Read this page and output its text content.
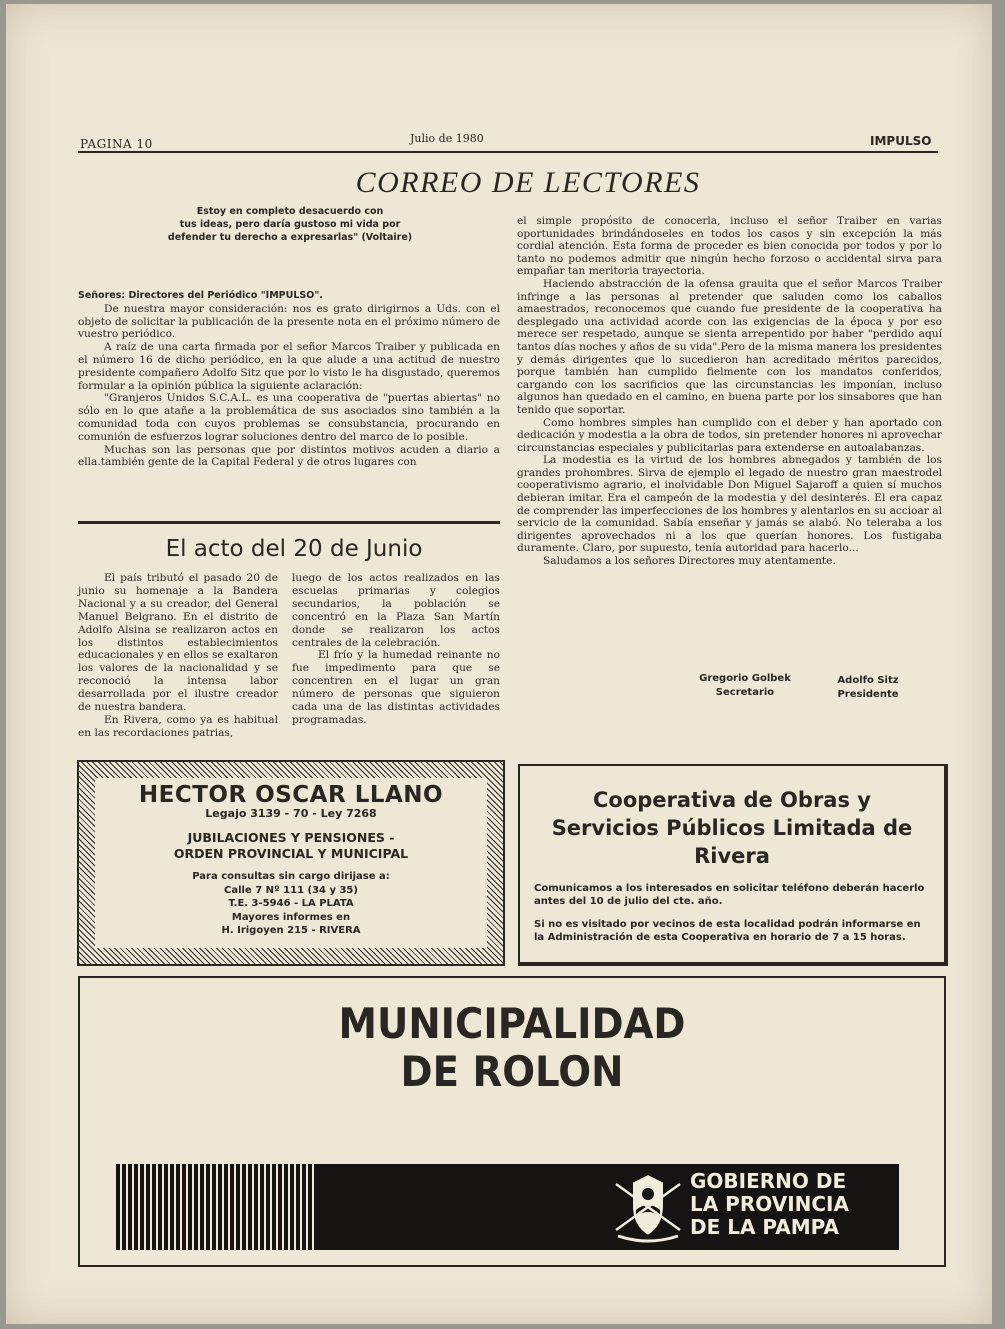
PAGINA 10	Julio de 1980	IMPULSO
CORREO DE LECTORES
Estoy en completo desacuerdo con
tus ideas, pero daría gustoso mi vida por
defender tu derecho a expresarlas" (Voltaire)

Señores: Directores del Periódico "IMPULSO".

De nuestra mayor consideración: nos es grato dirigirnos a Uds. con el objeto de solicitar la publicación de la presente nota en el próximo número de vuestro periódico.

A raíz de una carta firmada por el señor Marcos Traiber y publicada en el número 16 de dicho periódico, en la que alude a una actitud de nuestro presidente compañero Adolfo Sitz que por lo visto le ha disgustado, queremos formular a la opinión pública la siguiente aclaración:

"Granjeros Unidos S.C.A.L. es una cooperativa de "puertas abiertas" no sólo en lo que atañe a la problemática de sus asociados sino también a la comunidad toda con cuyos problemas se consubstancia, procurando en comunión de esfuerzos lograr soluciones dentro del marco de lo posible.

Muchas son las personas que por distintos motivos acuden a diario a ella.también gente de la Capital Federal y de otros lugares con

el simple propósito de conocerla, incluso el señor Traiber en varias oportunidades brindándoseles en todos los casos y sin excepción la más cordial atención. Esta forma de proceder es bien conocida por todos y por lo tanto no podemos admitir que ningún hecho forzoso o accidental sirva para empañar tan meritoria trayectoria.

Haciendo abstracción de la ofensa grauita que el señor Marcos Traiber infringe a las personas al pretender que saluden como los caballos amaestrados, reconocemos que cuando fue presidente de la cooperativa ha desplegado una actividad acorde con las exigencias de la época y por eso merece ser respetado, aunque se sienta arrepentido por haber "perdido aquí tantos días noches y años de su vida".Pero de la misma manera los presidentes y demás dirigentes que lo sucedieron han acreditado méritos parecidos, porque también han cumplido fielmente con los mandatos conferidos, cargando con los sacrificios que las circunstancias les imponían, incluso algunos han quedado en el camino, en buena parte por los sinsabores que han tenido que soportar.

Como hombres simples han cumplido con el deber y han aportado con dedicación y modestia a la obra de todos, sin pretender honores ni aprovechar circunstancias especiales y publicitarlas para extenderse en autoalabanzas.

La modestia es la virtud de los hombres abnegados y también de los grandes prohombres. Sirva de ejemplo el legado de nuestro gran maestrodel cooperativismo agrario, el inolvidable Don Miguel Sajaroff a quien sí muchos debieran imitar. Era el campeón de la modestia y del desinterés. El era capaz de comprender las imperfecciones de los hombres y alentarlos en su accioar al servicio de la comunidad. Sabía enseñar y jamás se alabó. No teleraba a los dirigentes aprovechados ni a los que querían honores. Los fustigaba duramente. Claro, por supuesto, tenía autoridad para hacerlo...

Saludamos a los señores Directores muy atentamente.

Gregorio Golbek
Secretario
Adolfo Sitz
Presidente
El acto del 20 de Junio

El país tributó el pasado 20 de junio su homenaje a la Bandera Nacional y a su creador, del General Manuel Belgrano. En el distrito de Adolfo Alsina se realizaron actos en los distintos establecimientos educacionales y en ellos se exaltaron los valores de la nacionalidad y se reconoció la intensa labor desarrollada por el ilustre creador de nuestra bandera.

En Rivera, como ya es habitual en las recordaciones patrias,

luego de los actos realizados en las escuelas primarias y colegios secundarios, la población se concentró en la Plaza San Martín donde se realizaron los actos centrales de la celebración.

El frío y la humedad reinante no fue impedimento para que se concentren en el lugar un gran número de personas que siguieron cada una de las distintas actividades programadas.

HECTOR OSCAR LLANO
Legajo 3139 - 70 - Ley 7268
JUBILACIONES Y PENSIONES -
ORDEN PROVINCIAL Y MUNICIPAL
Para consultas sin cargo dirijase a:
Calle 7 Nº 111 (34 y 35)
T.E. 3-5946 - LA PLATA
Mayores informes en
H. Irigoyen 215 - RIVERA
Cooperativa de Obras y
Servicios Públicos Limitada de
Rivera
Comunicamos a los interesados en solicitar teléfono deberán hacerlo antes del 10 de julio del cte. año.
Si no es visitado por vecinos de esta localidad podrán informarse en la Administración de esta Cooperativa en horario de 7 a 15 horas.
MUNICIPALIDAD
DE ROLON
GOBIERNO DE
LA PROVINCIA
DE LA PAMPA
